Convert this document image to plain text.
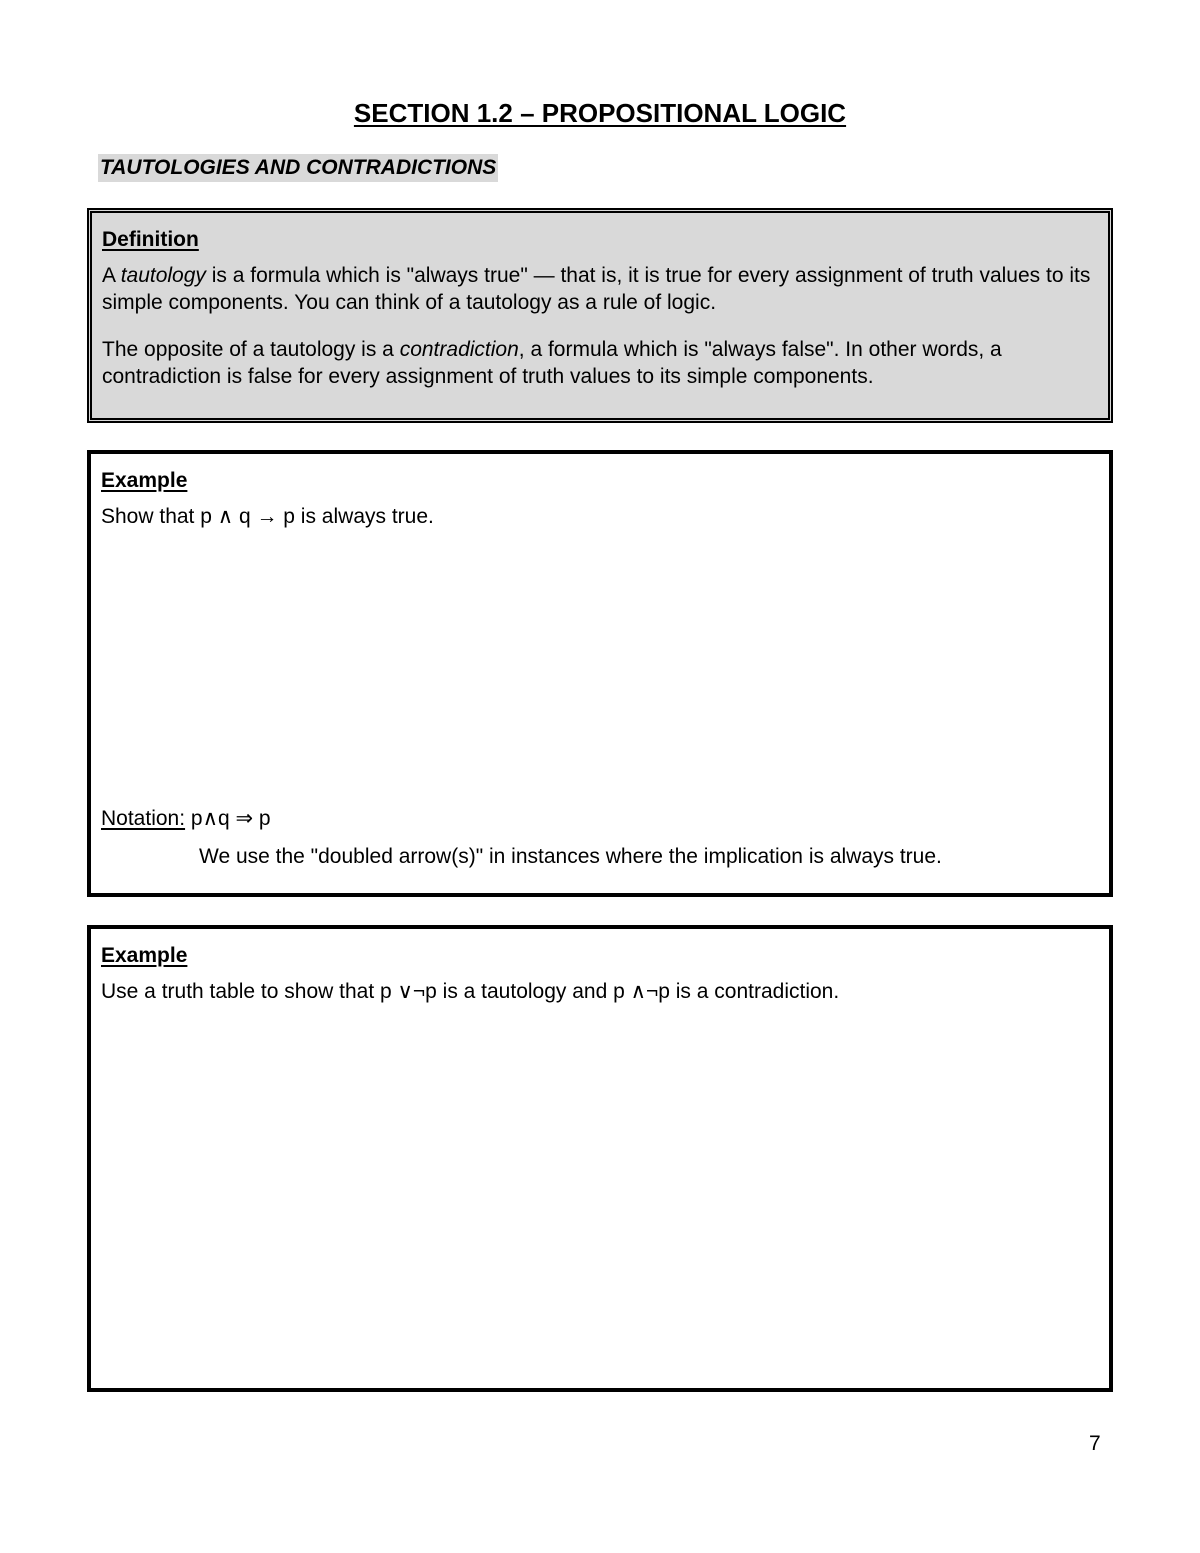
SECTION 1.2 – PROPOSITIONAL LOGIC
TAUTOLOGIES AND CONTRADICTIONS
Definition

A tautology is a formula which is "always true" — that is, it is true for every assignment of truth values to its simple components. You can think of a tautology as a rule of logic.

The opposite of a tautology is a contradiction, a formula which is "always false". In other words, a contradiction is false for every assignment of truth values to its simple components.

Example

Show that p ∧ q → p is always true.

Notation: p∧q ⇒ p

We use the "doubled arrow(s)" in instances where the implication is always true.

Example

Use a truth table to show that p ∨¬p is a tautology and p ∧¬p is a contradiction.

7
